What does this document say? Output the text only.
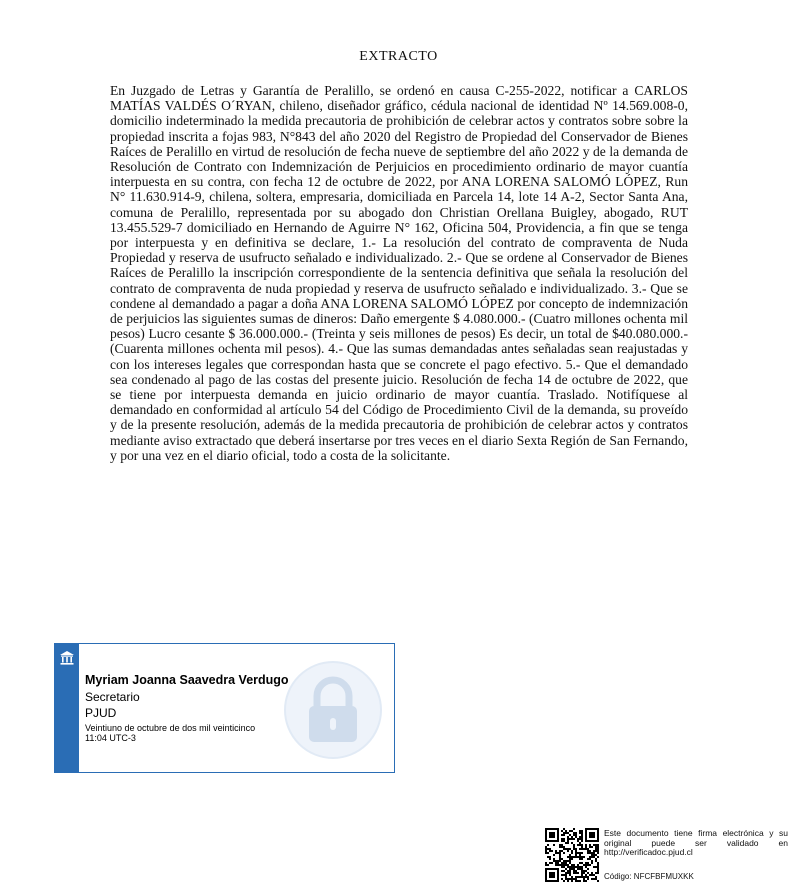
EXTRACTO

En Juzgado de Letras y Garantía de Peralillo, se ordenó en causa C-255-2022, notificar a CARLOS MATÍAS VALDÉS O´RYAN, chileno, diseñador gráfico, cédula nacional de identidad Nº 14.569.008-0, domicilio indeterminado la medida precautoria de prohibición de celebrar actos y contratos sobre sobre la propiedad inscrita a fojas 983, N°843 del año 2020 del Registro de Propiedad del Conservador de Bienes Raíces de Peralillo en virtud de resolución de fecha nueve de septiembre del año 2022 y de la demanda de Resolución de Contrato con Indemnización de Perjuicios en procedimiento ordinario de mayor cuantía interpuesta en su contra, con fecha 12 de octubre de 2022, por ANA LORENA SALOMÓ LÓPEZ, Run N° 11.630.914-9, chilena, soltera, empresaria, domiciliada en Parcela 14, lote 14 A-2, Sector Santa Ana, comuna de Peralillo, representada por su abogado don Christian Orellana Buigley, abogado, RUT 13.455.529-7 domiciliado en Hernando de Aguirre N° 162, Oficina 504, Providencia, a fin que se tenga por interpuesta y en definitiva se declare, 1.- La resolución del contrato de compraventa de Nuda Propiedad y reserva de usufructo señalado e individualizado. 2.- Que se ordene al Conservador de Bienes Raíces de Peralillo la inscripción correspondiente de la sentencia definitiva que señala la resolución del contrato de compraventa de nuda propiedad y reserva de usufructo señalado e individualizado. 3.- Que se condene al demandado a pagar a doña ANA LORENA SALOMÓ LÓPEZ por concepto de indemnización de perjuicios las siguientes sumas de dineros: Daño emergente $ 4.080.000.- (Cuatro millones ochenta mil pesos) Lucro cesante $ 36.000.000.- (Treinta y seis millones de pesos) Es decir, un total de $40.080.000.- (Cuarenta millones ochenta mil pesos). 4.- Que las sumas demandadas antes señaladas sean reajustadas y con los intereses legales que correspondan hasta que se concrete el pago efectivo. 5.- Que el demandado sea condenado al pago de las costas del presente juicio. Resolución de fecha 14 de octubre de 2022, que se tiene por interpuesta demanda en juicio ordinario de mayor cuantía. Traslado. Notifíquese al demandado en conformidad al artículo 54 del Código de Procedimiento Civil de la demanda, su proveído y de la presente resolución, además de la medida precautoria de prohibición de celebrar actos y contratos mediante aviso extractado que deberá insertarse por tres veces en el diario Sexta Región de San Fernando, y por una vez en el diario oficial, todo a costa de la solicitante.

Myriam Joanna Saavedra Verdugo
Secretario
PJUD
Veintiuno de octubre de dos mil veinticinco
11:04 UTC-3
Este documento tiene firma electrónica y su original puede ser validado en http://verificadoc.pjud.cl
Código: NFCFBFMUXKK
